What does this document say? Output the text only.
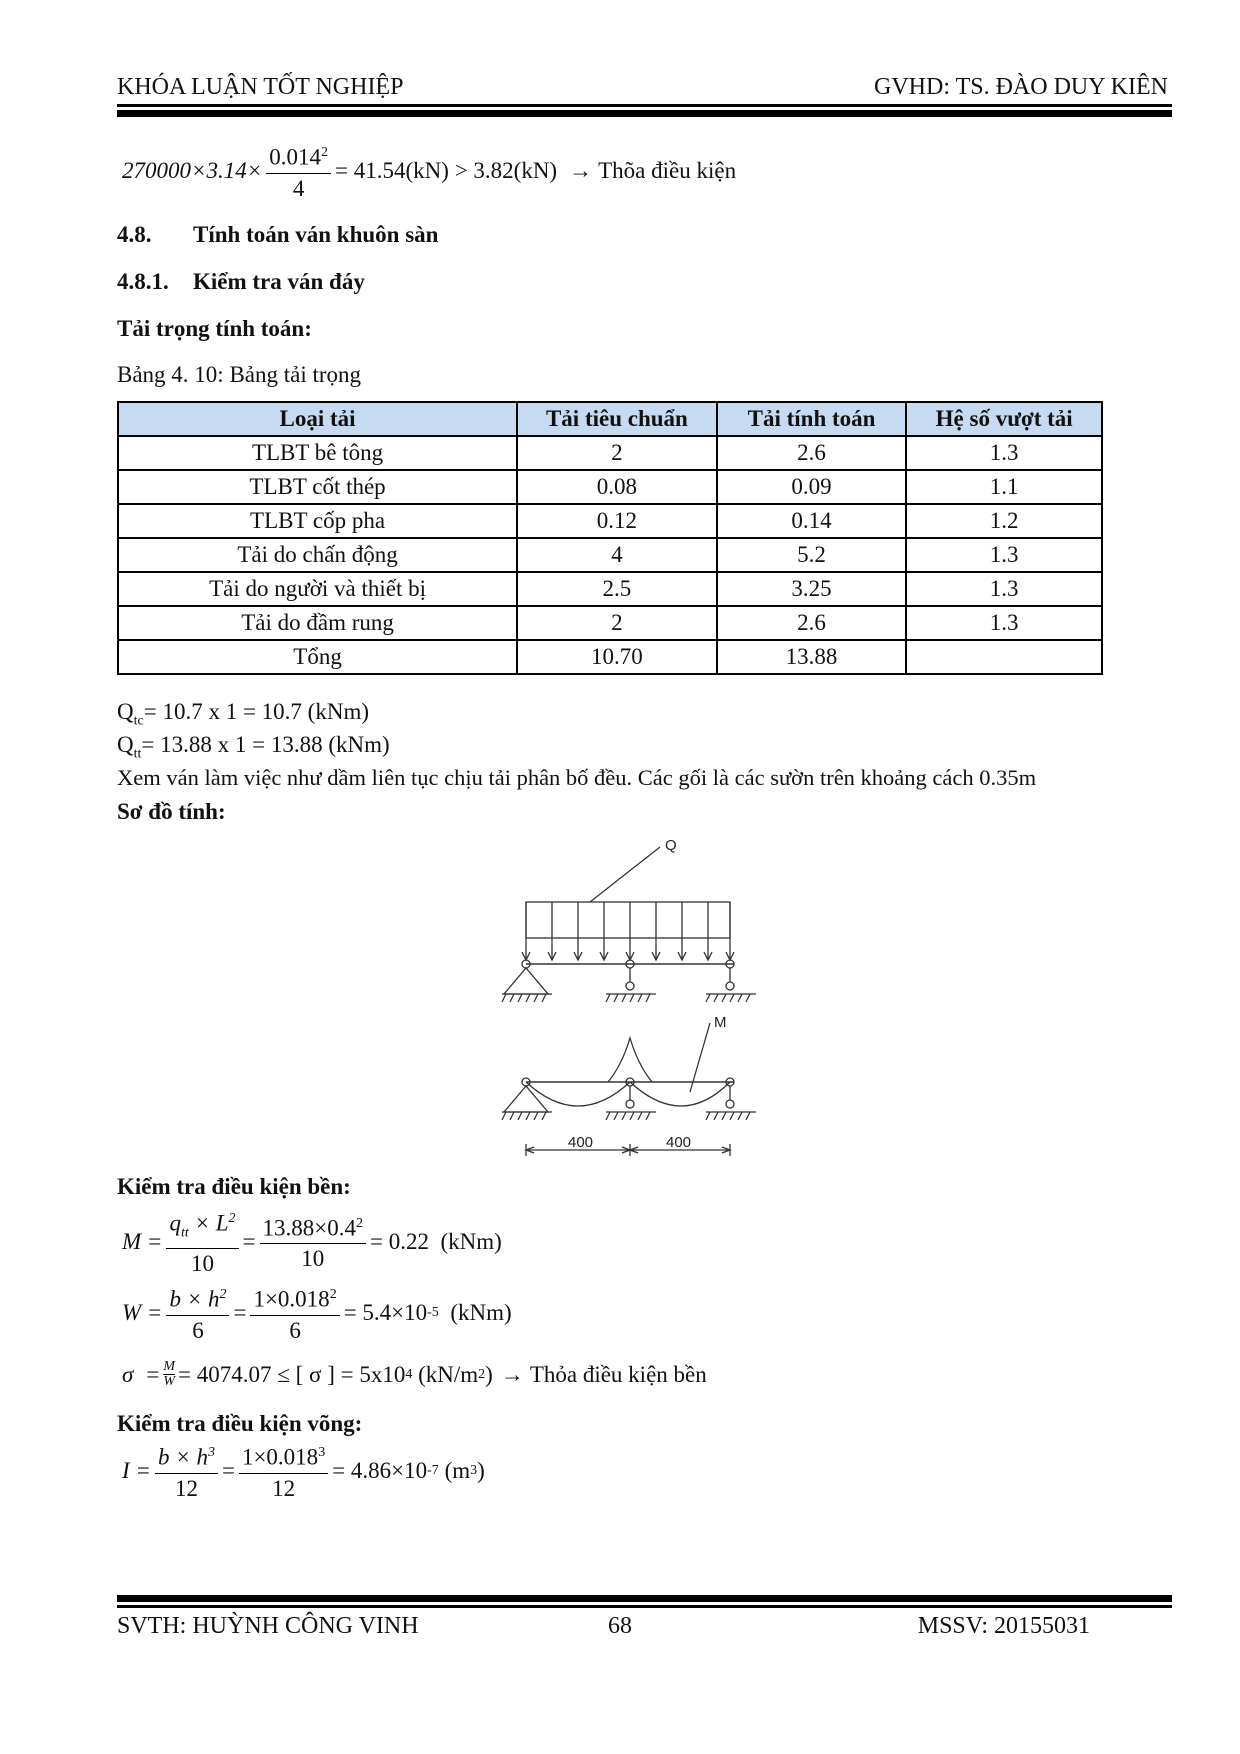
KHÓA LUẬN TỐT NGHIỆP	GVHD: TS. ĐÀO DUY KIÊN
$270000\times 3.14\times \frac{0.014^2}{4} = 41.54(kN) > 3.82(kN)$ → Thõa điều kiện
4.8. Tính toán ván khuôn sàn
4.8.1. Kiểm tra ván đáy
Tải trọng tính toán:
Bảng 4. 10: Bảng tải trọng
Loại tải	Tải tiêu chuẩn	Tải tính toán	Hệ số vượt tải
TLBT bê tông	2	2.6	1.3
TLBT cốt thép	0.08	0.09	1.1
TLBT cốp pha	0.12	0.14	1.2
Tải do chấn động	4	5.2	1.3
Tải do người và thiết bị	2.5	3.25	1.3
Tải do đầm rung	2	2.6	1.3
Tổng	10.70	13.88	
$Q_{tc}= 10.7$ x 1 = 10.7 (kNm)
$Q_{tt}= 13.88$ x 1 = 13.88 (kNm)
Xem ván làm việc như dầm liên tục chịu tải phân bố đều. Các gối là các sườn trên khoảng cách 0.35m
Sơ đồ tính:
Q
M
400	400
Kiểm tra điều kiện bền:
$M = \frac{q_{tt} \times L^2}{10} = \frac{13.88\times 0.4^2}{10} = 0.22$  (kNm)
$W = \frac{b \times h^2}{6} = \frac{1\times 0.018^2}{6} = 5.4\times 10$ -5 (kNm)
$\sigma = \frac{M}{W} = 4074.07$ ≤ [ σ ] = 5x10 4 (kN/m 2 ) → Thỏa điều kiện bền
Kiểm tra điều kiện võng:
$I = \frac{b \times h^3}{12} = \frac{1\times 0.018^3}{12} = 4.86\times 10$ -7 (m 3 )
SVTH: HUỲNH CÔNG VINH	68	MSSV: 20155031
